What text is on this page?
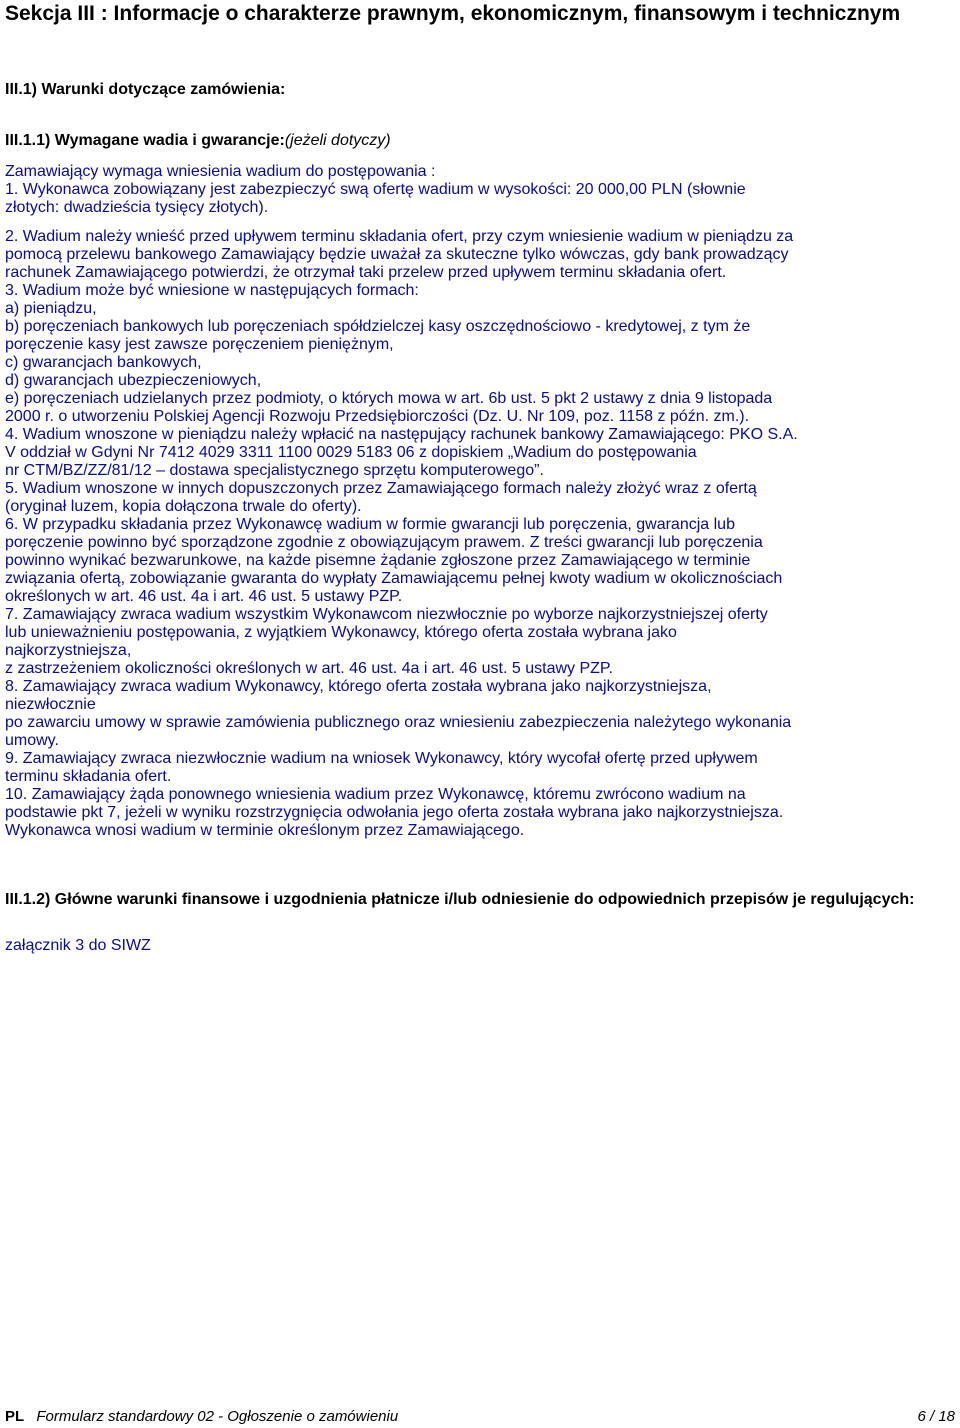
Sekcja III : Informacje o charakterze prawnym, ekonomicznym, finansowym i technicznym
III.1) Warunki dotyczące zamówienia:
III.1.1) Wymagane wadia i gwarancje:(jeżeli dotyczy)
Zamawiający wymaga wniesienia wadium do postępowania :
1. Wykonawca zobowiązany jest zabezpieczyć swą ofertę wadium w wysokości: 20 000,00 PLN (słownie
złotych: dwadzieścia tysięcy złotych).
2. Wadium należy wnieść przed upływem terminu składania ofert, przy czym wniesienie wadium w pieniądzu za
pomocą przelewu bankowego Zamawiający będzie uważał za skuteczne tylko wówczas, gdy bank prowadzący
rachunek Zamawiającego potwierdzi, że otrzymał taki przelew przed upływem terminu składania ofert.
3. Wadium może być wniesione w następujących formach:
a) pieniądzu,
b) poręczeniach bankowych lub poręczeniach spółdzielczej kasy oszczędnościowo - kredytowej, z tym że
poręczenie kasy jest zawsze poręczeniem pieniężnym,
c) gwarancjach bankowych,
d) gwarancjach ubezpieczeniowych,
e) poręczeniach udzielanych przez podmioty, o których mowa w art. 6b ust. 5 pkt 2 ustawy z dnia 9 listopada
2000 r. o utworzeniu Polskiej Agencji Rozwoju Przedsiębiorczości (Dz. U. Nr 109, poz. 1158 z późn. zm.).
4. Wadium wnoszone w pieniądzu należy wpłacić na następujący rachunek bankowy Zamawiającego: PKO S.A.
V oddział w Gdyni Nr 7412 4029 3311 1100 0029 5183 06 z dopiskiem „Wadium do postępowania
nr CTM/BZ/ZZ/81/12 – dostawa specjalistycznego sprzętu komputerowego”.
5. Wadium wnoszone w innych dopuszczonych przez Zamawiającego formach należy złożyć wraz z ofertą
(oryginał luzem, kopia dołączona trwale do oferty).
6. W przypadku składania przez Wykonawcę wadium w formie gwarancji lub poręczenia, gwarancja lub
poręczenie powinno być sporządzone zgodnie z obowiązującym prawem. Z treści gwarancji lub poręczenia
powinno wynikać bezwarunkowe, na każde pisemne żądanie zgłoszone przez Zamawiającego w terminie
związania ofertą, zobowiązanie gwaranta do wypłaty Zamawiającemu pełnej kwoty wadium w okolicznościach
określonych w art. 46 ust. 4a i art. 46 ust. 5 ustawy PZP.
7. Zamawiający zwraca wadium wszystkim Wykonawcom niezwłocznie po wyborze najkorzystniejszej oferty
lub unieważnieniu postępowania, z wyjątkiem Wykonawcy, którego oferta została wybrana jako
najkorzystniejsza,
z zastrzeżeniem okoliczności określonych w art. 46 ust. 4a i art. 46 ust. 5 ustawy PZP.
8. Zamawiający zwraca wadium Wykonawcy, którego oferta została wybrana jako najkorzystniejsza,
niezwłocznie
po zawarciu umowy w sprawie zamówienia publicznego oraz wniesieniu zabezpieczenia należytego wykonania
umowy.
9. Zamawiający zwraca niezwłocznie wadium na wniosek Wykonawcy, który wycofał ofertę przed upływem
terminu składania ofert.
10. Zamawiający żąda ponownego wniesienia wadium przez Wykonawcę, któremu zwrócono wadium na
podstawie pkt 7, jeżeli w wyniku rozstrzygnięcia odwołania jego oferta została wybrana jako najkorzystniejsza.
Wykonawca wnosi wadium w terminie określonym przez Zamawiającego.
III.1.2) Główne warunki finansowe i uzgodnienia płatnicze i/lub odniesienie do odpowiednich przepisów je regulujących:
załącznik 3 do SIWZ
PL Formularz standardowy 02 - Ogłoszenie o zamówieniu	6 / 18
